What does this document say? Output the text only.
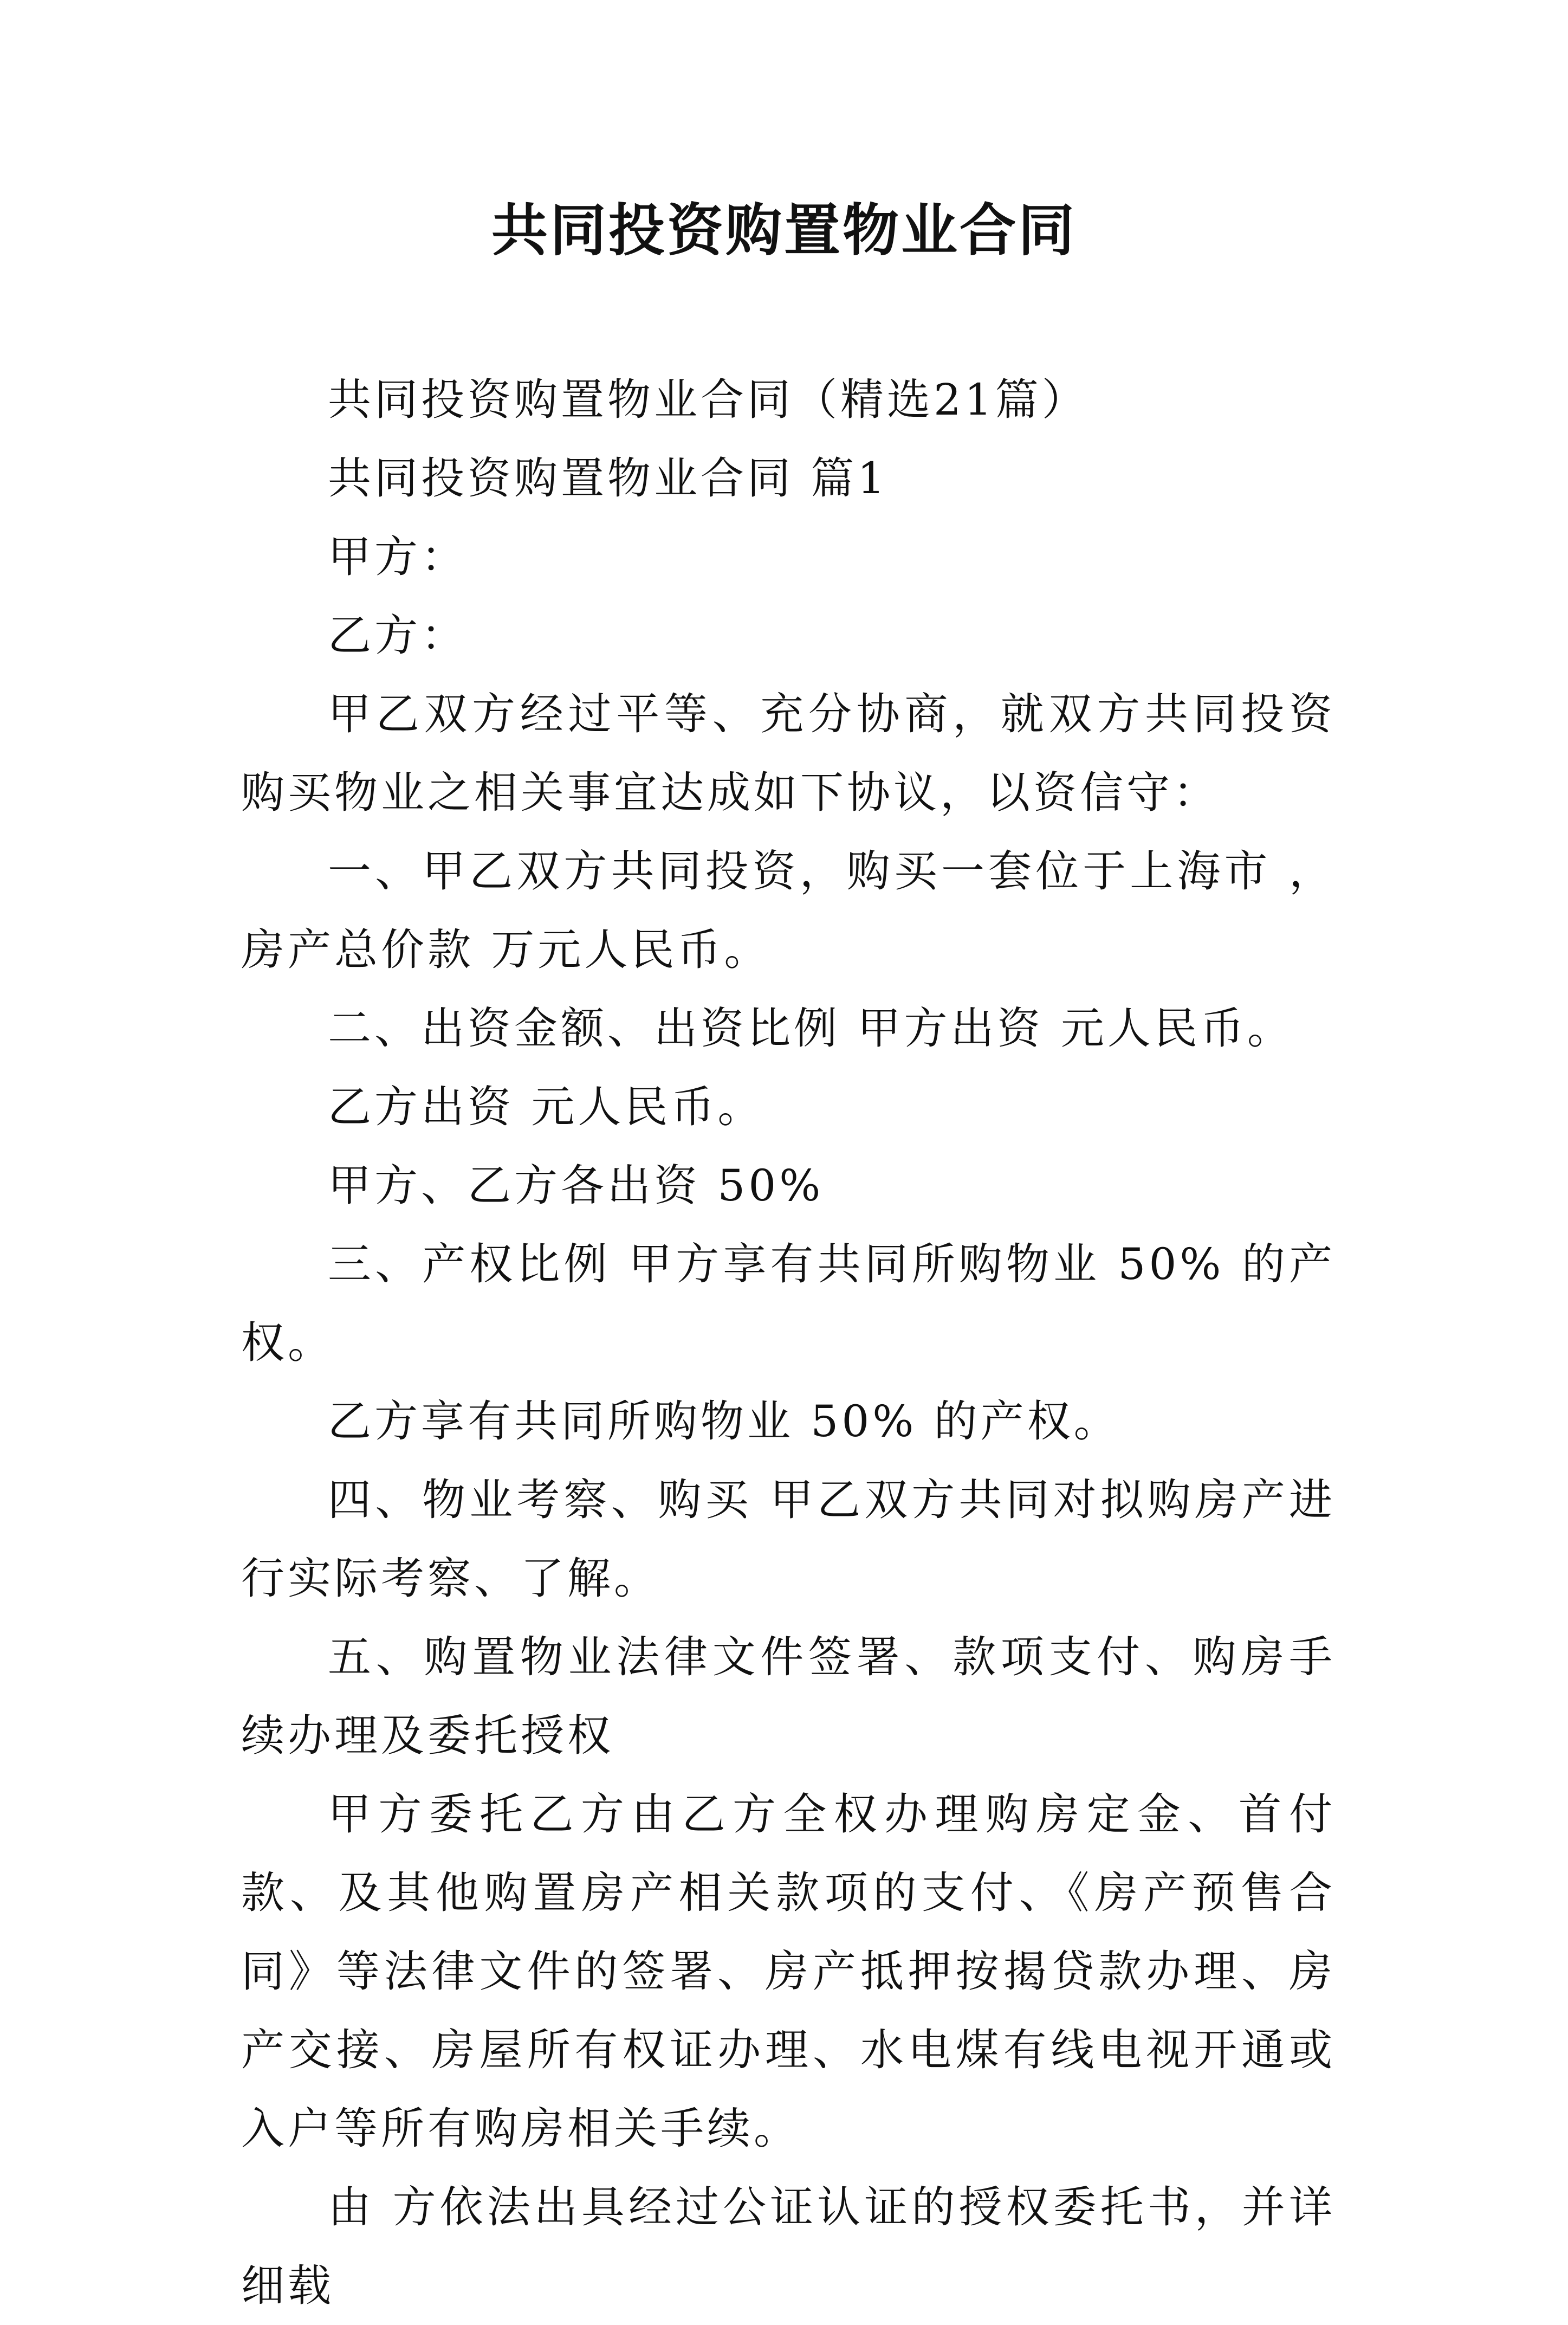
共同投资购置物业合同

共同投资购置物业合同（精选21篇）

共同投资购置物业合同 篇1

甲方：

乙方：

甲乙双方经过平等、充分协商，就双方共同投资购买物业之相关事宜达成如下协议，以资信守：

一、甲乙双方共同投资，购买一套位于上海市 ，房产总价款 万元人民币。

二、出资金额、出资比例 甲方出资 元人民币。

乙方出资 元人民币。

甲方、乙方各出资 50%

三、产权比例 甲方享有共同所购物业 50% 的产权。

乙方享有共同所购物业 50% 的产权。

四、物业考察、购买 甲乙双方共同对拟购房产进行实际考察、了解。

五、购置物业法律文件签署、款项支付、购房手续办理及委托授权

甲方委托乙方由乙方全权办理购房定金、首付款、及其他购置房产相关款项的支付、《房产预售合同》等法律文件的签署、房产抵押按揭贷款办理、房产交接、房屋所有权证办理、水电煤有线电视开通或入户等所有购房相关手续。

由 方依法出具经过公证认证的授权委托书，并详细载
